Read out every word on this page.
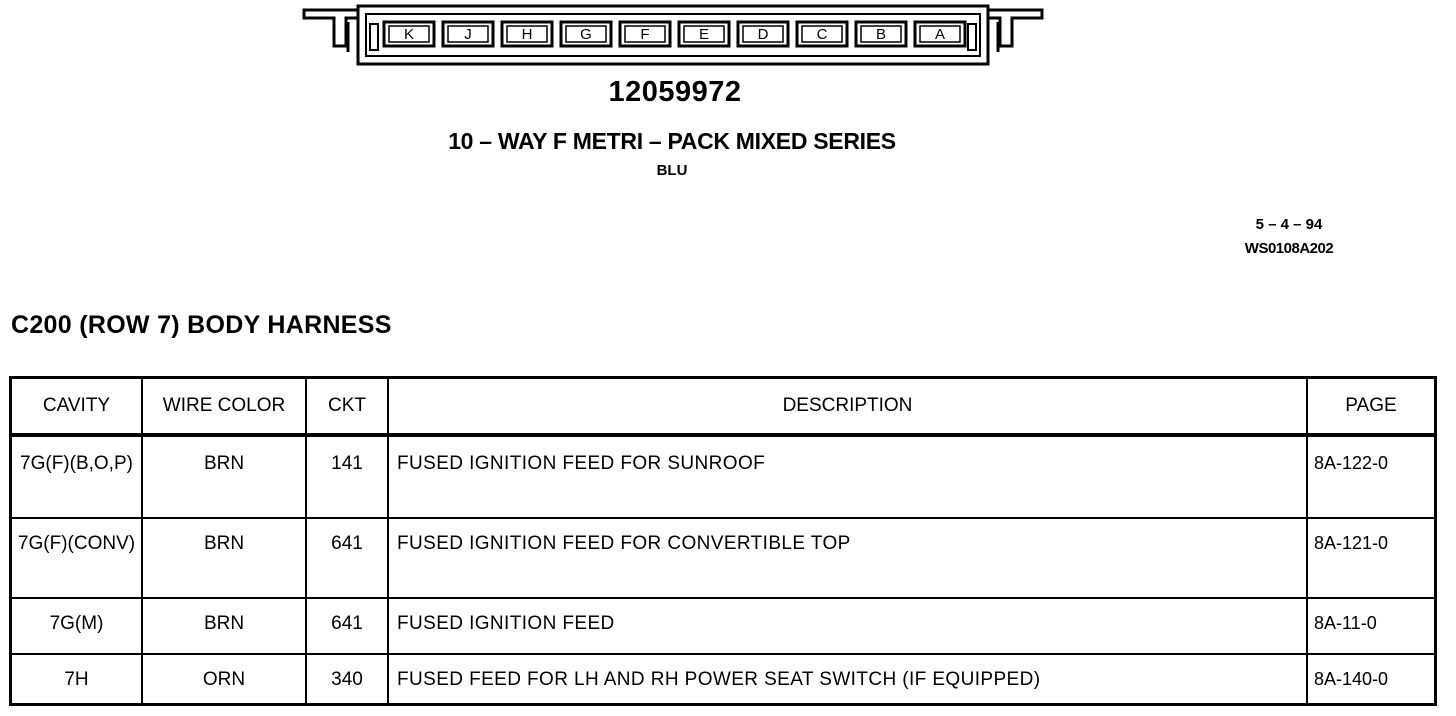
K	J	H	G	F	E	D	C	B	A
12059972
10 – WAY F METRI – PACK MIXED SERIES
BLU
5 – 4 – 94
WS0108A202
C200 (ROW 7) BODY HARNESS
CAVITY	WIRE COLOR	CKT	DESCRIPTION	PAGE
7G(F)(B,O,P)	BRN	141	FUSED IGNITION FEED FOR SUNROOF	8A-122-0
7G(F)(CONV)	BRN	641	FUSED IGNITION FEED FOR CONVERTIBLE TOP	8A-121-0
7G(M)	BRN	641	FUSED IGNITION FEED	8A-11-0
7H	ORN	340	FUSED FEED FOR LH AND RH POWER SEAT SWITCH (IF EQUIPPED)	8A-140-0
